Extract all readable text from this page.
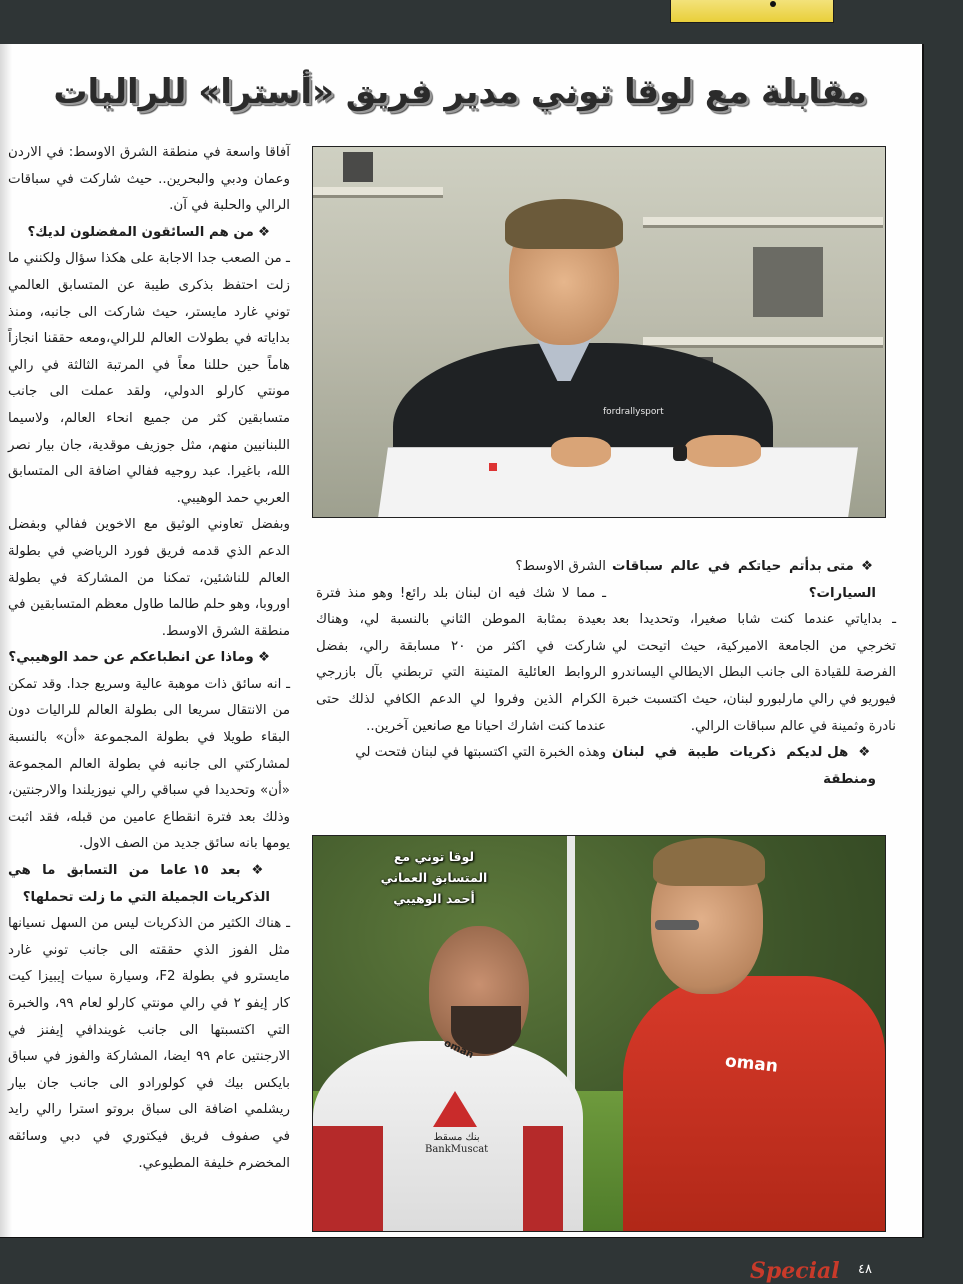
مقابلة مع لوقا توني مدير فريق «أسترا» للراليات

آفاقا واسعة في منطقة الشرق الاوسط: في الاردن وعمان ودبي والبحرين.. حيث شاركت في سباقات الرالي والحلبة في آن.

❖ من هم السائقون المفضلون لديك؟

ـ من الصعب جدا الاجابة على هكذا سؤال ولكنني ما زلت احتفظ بذكرى طيبة عن المتسابق العالمي توني غارد مايستر، حيث شاركت الى جانبه، ومنذ بداياته في بطولات العالم للرالي،ومعه حققنا انجازاً هاماً حين حللنا معاً في المرتبة الثالثة في رالي مونتي كارلو الدولي، ولقد عملت الى جانب متسابقين كثر من جميع انحاء العالم، ولاسيما اللبنانيين منهم، مثل جوزيف موقدية، جان بيار نصر الله، باغيرا. عبد روجيه ففالي اضافة الى المتسابق العربي حمد الوهيبي.

وبفضل تعاوني الوثيق مع الاخوين ففالي وبفضل الدعم الذي قدمه فريق فورد الرياضي في بطولة العالم للناشئين، تمكنا من المشاركة في بطولة اوروبا، وهو حلم طالما طاول معظم المتسابقين في منطقة الشرق الاوسط.

❖ وماذا عن انطباعكم عن حمد الوهيبي؟

ـ انه سائق ذات موهبة عالية وسريع جدا. وقد تمكن من الانتقال سريعا الى بطولة العالم للراليات دون البقاء طويلا في بطولة المجموعة «أن» بالنسبة لمشاركتي الى جانبه في بطولة العالم المجموعة «أن» وتحديدا في سباقي رالي نيوزيلندا والارجنتين، وذلك بعد فترة انقطاع عامين من قبله، فقد اثبت يومها بانه سائق جديد من الصف الاول.

❖ بعد ١٥ عاما من التسابق ما هي الذكريات الجميلة التي ما زلت تحملها؟

ـ هناك الكثير من الذكريات ليس من السهل نسيانها مثل الفوز الذي حققته الى جانب توني غارد مايسترو في بطولة F2، وسيارة سيات إيبيزا كيت كار إيفو ٢ في رالي مونتي كارلو لعام ٩٩، والخبرة التي اكتسبتها الى جانب غويندافي إيفنز في الارجنتين عام ٩٩ ايضا، المشاركة والفوز في سباق بايكس بيك في كولورادو الى جانب جان بيار ريشلمي اضافة الى سباق بروتو استرا رالي رايد في صفوف فريق فيكتوري في دبي وسائقه المخضرم خليفة المطيوعي.

fordrallysport

الشرق الاوسط؟

ـ مما لا شك فيه ان لبنان بلد رائع! وهو منذ فترة بعيدة بمثابة الموطن الثاني بالنسبة لي، وهناك شاركت في اكثر من ٢٠ مسابقة رالي، بفضل الروابط العائلية المتينة التي تربطني بآل بازرجي الكرام الذين وفروا لي الدعم الكافي لذلك حتى عندما كنت اشارك احيانا مع صانعين آخرين..

وهذه الخبرة التي اكتسبتها في لبنان فتحت لي

❖ متى بدأتم حياتكم في عالم سباقات السيارات؟

ـ بداياتي عندما كنت شابا صغيرا، وتحديدا بعد تخرجي من الجامعة الاميركية، حيث اتيحت لي الفرصة للقيادة الى جانب البطل الايطالي اليساندرو فيوريو في رالي مارلبورو لبنان، حيث اكتسبت خبرة نادرة وثمينة في عالم سباقات الرالي.

❖ هل لديكم ذكريات طيبة في لبنان ومنطقة

oman
بنك مسقط
BankMuscat
oman
لوقا توني مع
المتسابق العماني
أحمد الوهيبي
Special ٤٨
